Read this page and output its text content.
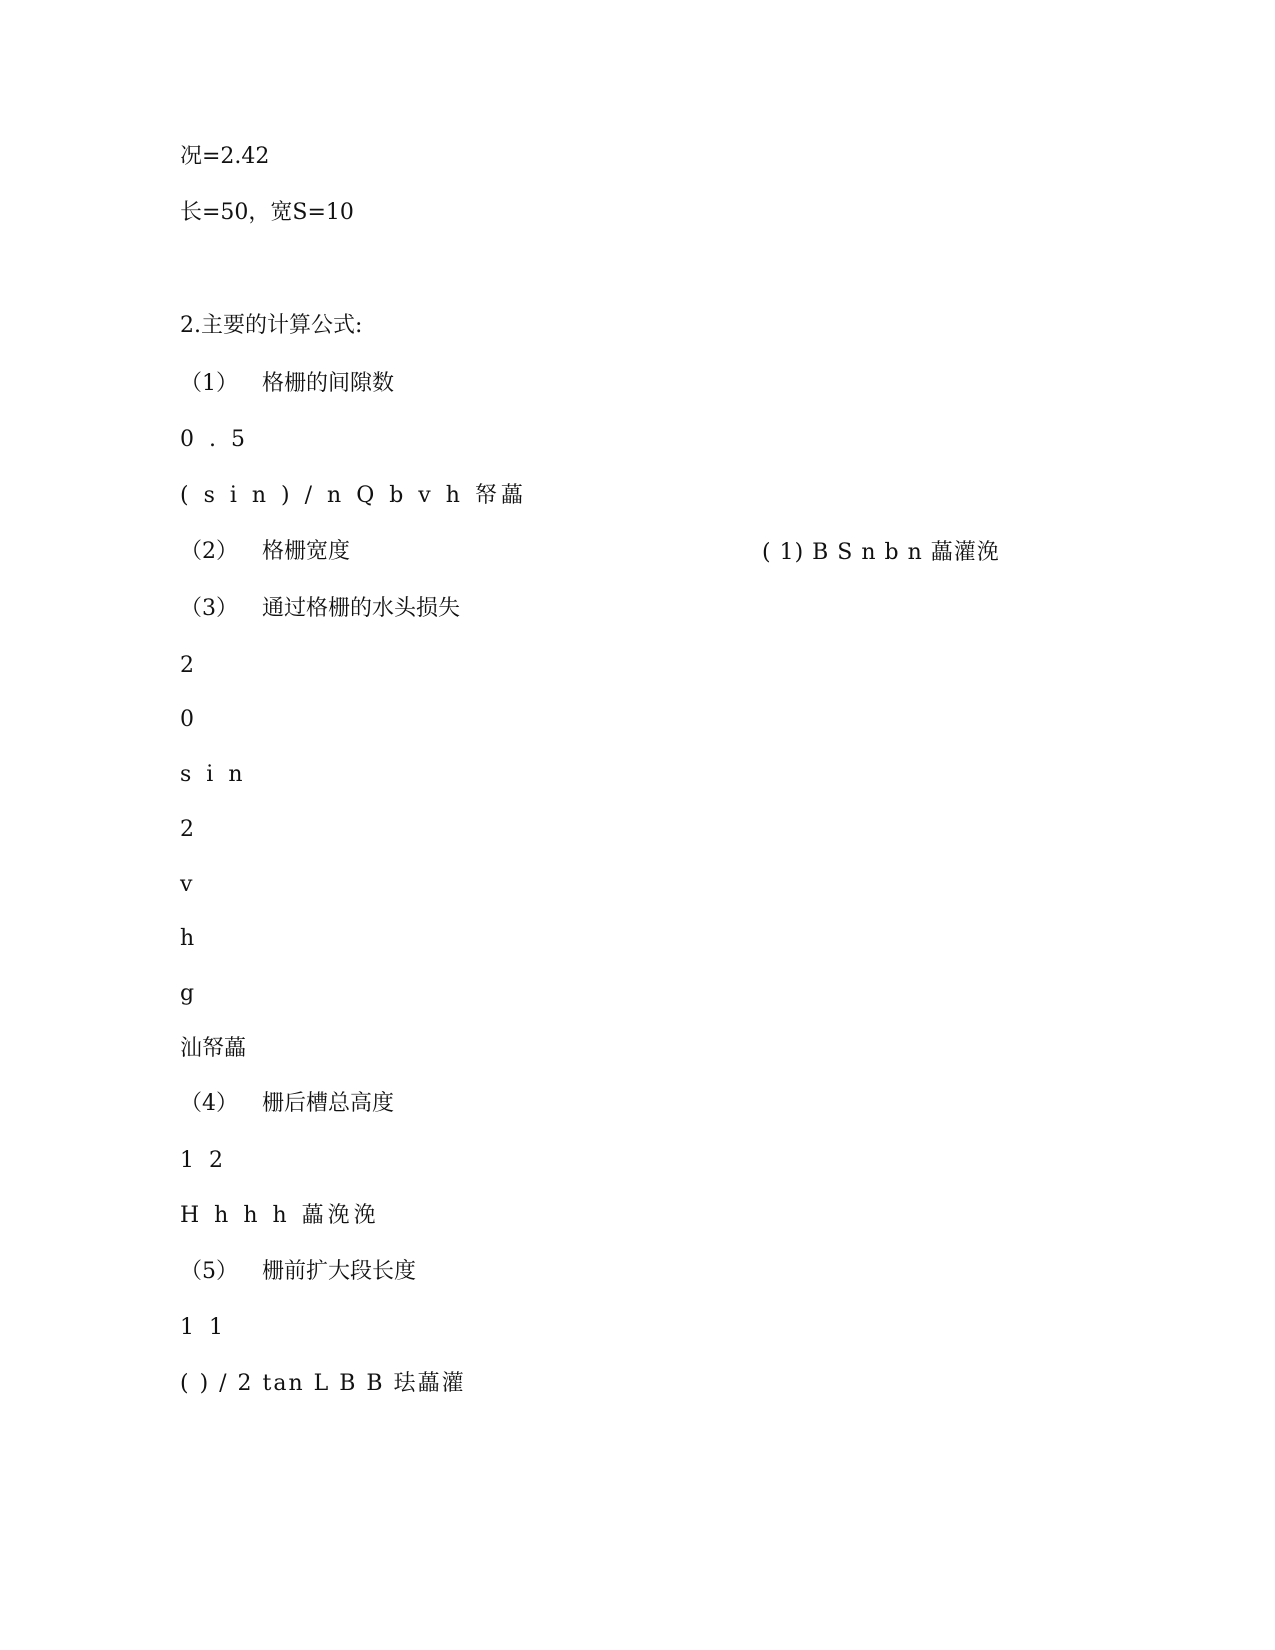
况=2.42
长=50，宽S=10
2.主要的计算公式:
（1） 格栅的间隙数
0 . 5
( s i n ) / n Q b v h 帑藟
（2） 格栅宽度	( 1) B S n b n 藟灌浼
（3） 通过格栅的水头损失
2
0
s i n
2
v
h
g
汕帑藟
（4） 栅后槽总高度
1 2
H h h h 藟浼浼
（5） 栅前扩大段长度
1 1
( ) / 2 tan L B B 珐藟灌
